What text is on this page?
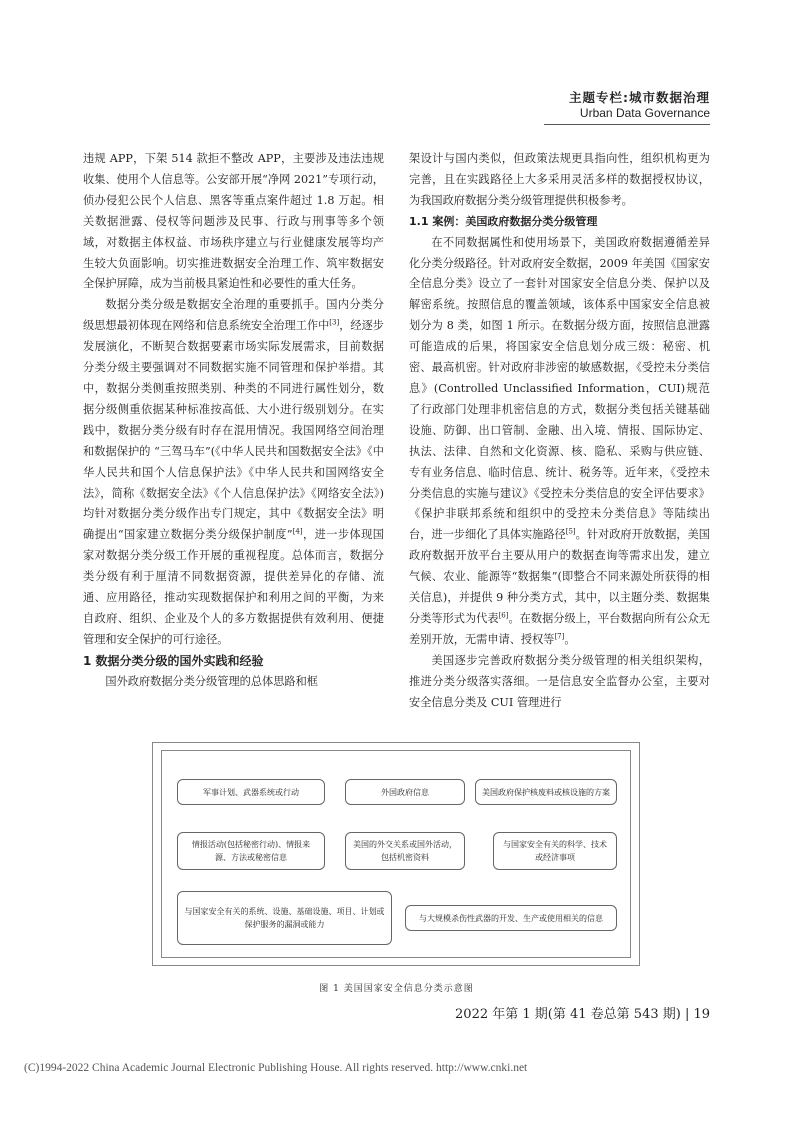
主题专栏:城市数据治理
Urban Data Governance

违规 APP，下架 514 款拒不整改 APP，主要涉及违法违规收集、使用个人信息等。公安部开展“净网 2021”专项行动，侦办侵犯公民个人信息、黑客等重点案件超过 1.8 万起。相关数据泄露、侵权等问题涉及民事、行政与刑事等多个领域，对数据主体权益、市场秩序建立与行业健康发展等均产生较大负面影响。切实推进数据安全治理工作、筑牢数据安全保护屏障，成为当前极具紧迫性和必要性的重大任务。

数据分类分级是数据安全治理的重要抓手。国内分类分级思想最初体现在网络和信息系统安全治理工作中[3]，经逐步发展演化，不断契合数据要素市场实际发展需求，目前数据分类分级主要强调对不同数据实施不同管理和保护举措。其中，数据分类侧重按照类别、种类的不同进行属性划分，数据分级侧重依据某种标准按高低、大小进行级别划分。在实践中，数据分类分级有时存在混用情况。我国网络空间治理和数据保护的 “三驾马车”(《中华人民共和国数据安全法》《中华人民共和国个人信息保护法》《中华人民共和国网络安全法》，简称《数据安全法》《个人信息保护法》《网络安全法》)均针对数据分类分级作出专门规定，其中《数据安全法》明确提出“国家建立数据分类分级保护制度”[4]，进一步体现国家对数据分类分级工作开展的重视程度。总体而言，数据分类分级有利于厘清不同数据资源，提供差异化的存储、流通、应用路径，推动实现数据保护和利用之间的平衡，为来自政府、组织、企业及个人的多方数据提供有效利用、便捷管理和安全保护的可行途径。

1 数据分类分级的国外实践和经验

国外政府数据分类分级管理的总体思路和框

架设计与国内类似，但政策法规更具指向性，组织机构更为完善，且在实践路径上大多采用灵活多样的数据授权协议，为我国政府数据分类分级管理提供积极参考。

1.1 案例：美国政府数据分类分级管理

在不同数据属性和使用场景下，美国政府数据遵循差异化分类分级路径。针对政府安全数据，2009 年美国《国家安全信息分类》设立了一套针对国家安全信息分类、保护以及解密系统。按照信息的覆盖领域，该体系中国家安全信息被划分为 8 类，如图 1 所示。在数据分级方面，按照信息泄露可能造成的后果，将国家安全信息划分成三级：秘密、机密、最高机密。针对政府非涉密的敏感数据，《受控未分类信息》(Controlled Unclassified Information，CUI)规范了行政部门处理非机密信息的方式，数据分类包括关键基础设施、防御、出口管制、金融、出入境、情报、国际协定、执法、法律、自然和文化资源、核、隐私、采购与供应链、专有业务信息、临时信息、统计、税务等。近年来，《受控未分类信息的实施与建议》《受控未分类信息的安全评估要求》《保护非联邦系统和组织中的受控未分类信息》等陆续出台，进一步细化了具体实施路径[5]。针对政府开放数据，美国政府数据开放平台主要从用户的数据查询等需求出发，建立气候、农业、能源等“数据集”(即整合不同来源处所获得的相关信息)，并提供 9 种分类方式，其中，以主题分类、数据集分类等形式为代表[6]。在数据分级上，平台数据向所有公众无差别开放，无需申请、授权等[7]。

美国逐步完善政府数据分类分级管理的相关组织架构，推进分类分级落实落细。一是信息安全监督办公室，主要对安全信息分类及 CUI 管理进行

军事计划、武器系统或行动	外国政府信息	美国政府保护核废料或核设施的方案
情报活动(包括秘密行动)、情报来源、方法或秘密信息
美国的外交关系或国外活动，包括机密资料
与国家安全有关的科学、技术或经济事项
与国家安全有关的系统、设施、基础设施、项目、计划或保护服务的漏洞或能力
与大规模杀伤性武器的开发、生产或使用相关的信息
图 1 美国国家安全信息分类示意图
2022 年第 1 期(第 41 卷总第 543 期) | 19
(C)1994-2022 China Academic Journal Electronic Publishing House. All rights reserved. http://www.cnki.net
